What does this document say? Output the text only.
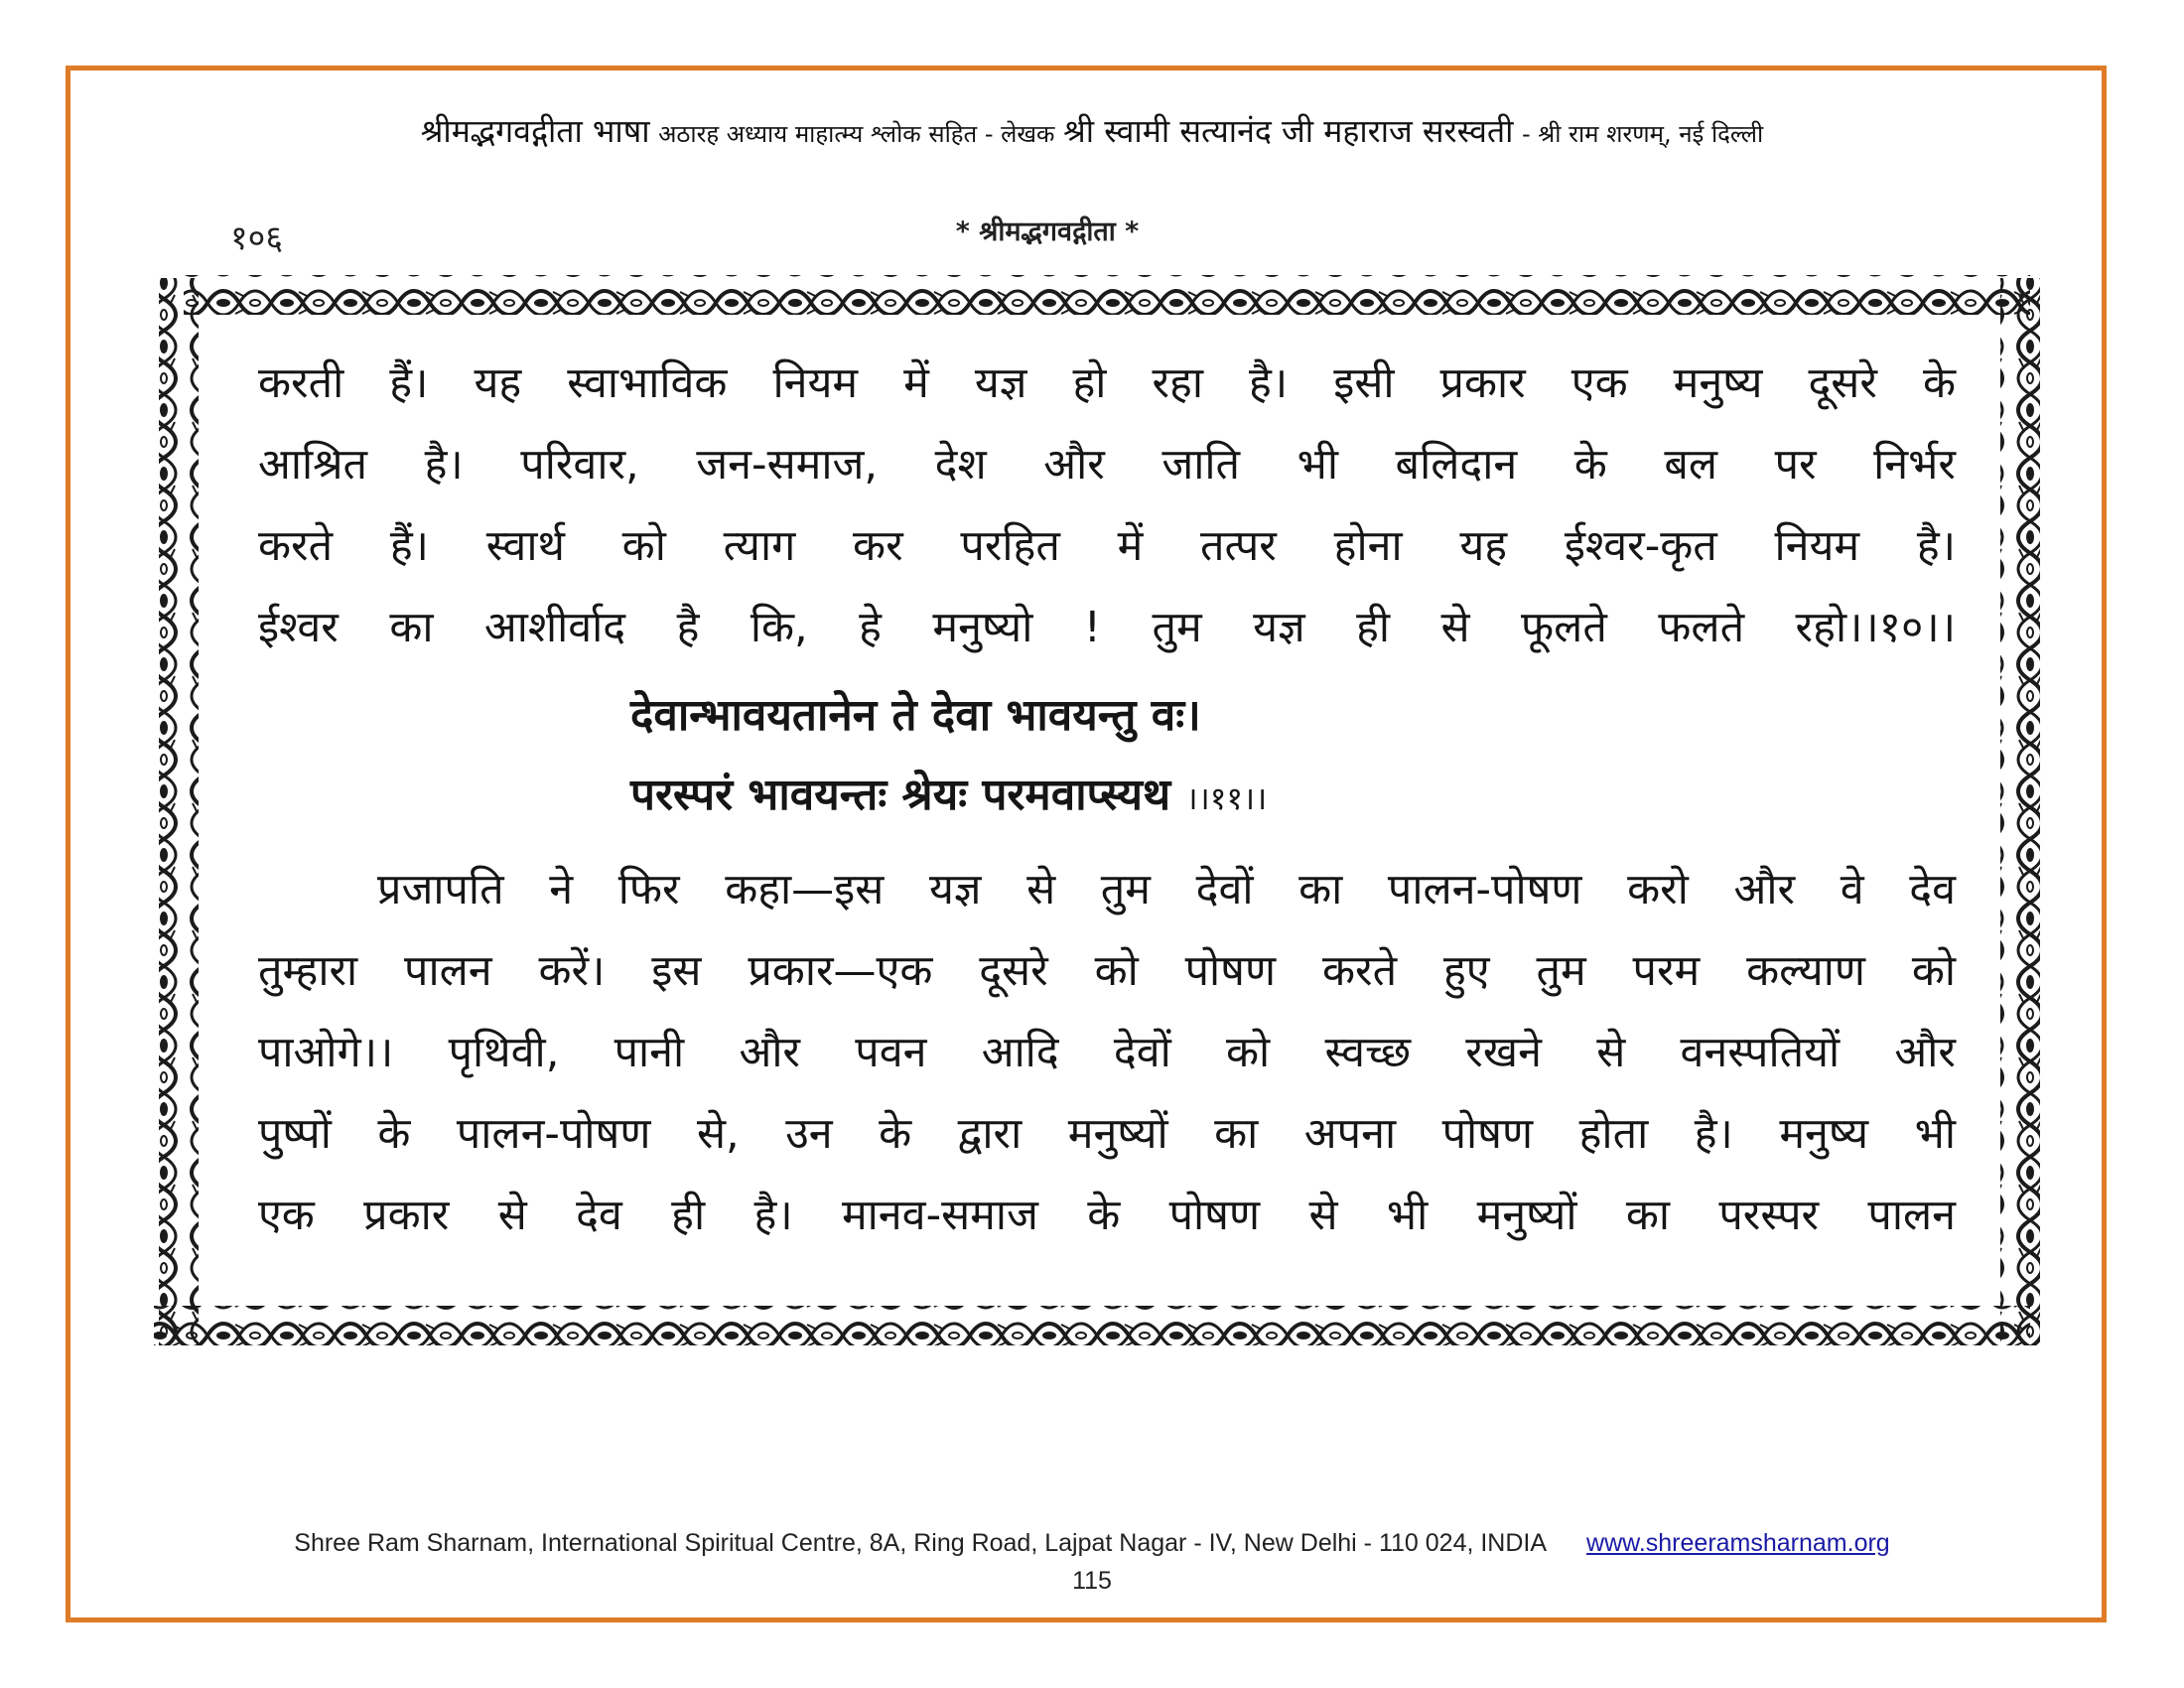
श्रीमद्भगवद्गीता भाषा अठारह अध्याय माहात्म्य श्लोक सहित - लेखक श्री स्वामी सत्यानंद जी महाराज सरस्वती - श्री राम शरणम्, नई दिल्ली
१०६	* श्रीमद्भगवद्गीता *
करती हैं। यह स्वाभाविक नियम में यज्ञ हो रहा है। इसी प्रकार एक मनुष्य दूसरे के
आश्रित है। परिवार, जन-समाज, देश और जाति भी बलिदान के बल पर निर्भर
करते हैं। स्वार्थ को त्याग कर परहित में तत्पर होना यह ईश्वर-कृत नियम है।
ईश्वर का आशीर्वाद है कि, हे मनुष्यो ! तुम यज्ञ ही से फूलते फलते रहो।।१०।।
देवान्भावयतानेन ते देवा भावयन्तु वः।
परस्परं भावयन्तः श्रेयः परमवाप्स्यथ ।।११।।
प्रजापति ने फिर कहा—इस यज्ञ से तुम देवों का पालन-पोषण करो और वे देव
तुम्हारा पालन करें। इस प्रकार—एक दूसरे को पोषण करते हुए तुम परम कल्याण को
पाओगे।। पृथिवी, पानी और पवन आदि देवों को स्वच्छ रखने से वनस्पतियों और
पुष्पों के पालन-पोषण से, उन के द्वारा मनुष्यों का अपना पोषण होता है। मनुष्य भी
एक प्रकार से देव ही है। मानव-समाज के पोषण से भी मनुष्यों का परस्पर पालन
Shree Ram Sharnam, International Spiritual Centre, 8A, Ring Road, Lajpat Nagar - IV, New Delhi - 110 024, INDIA www.shreeramsharnam.org
115
